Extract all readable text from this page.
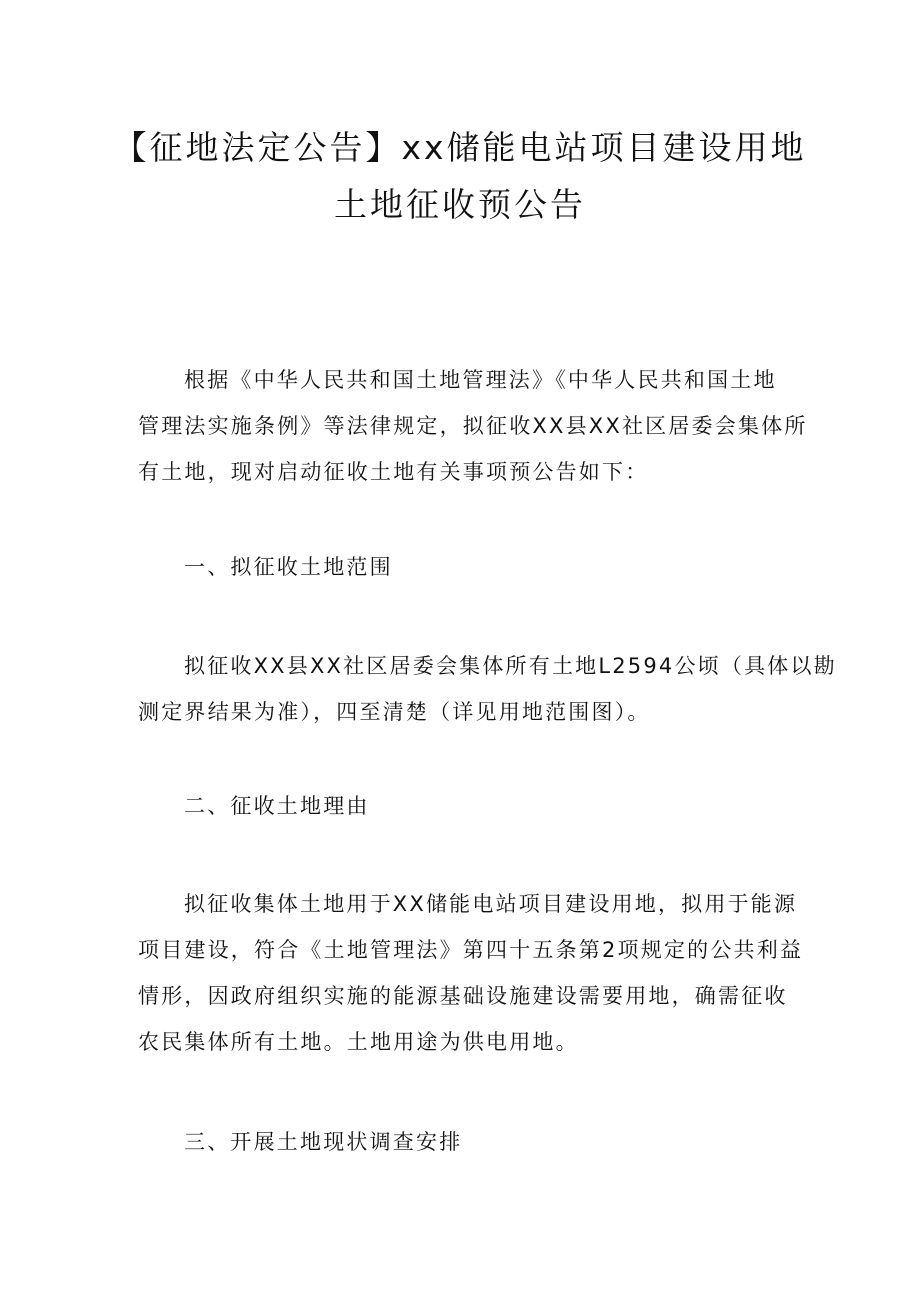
【征地法定公告】xx储能电站项目建设用地
土地征收预公告
根据《中华人民共和国土地管理法》《中华人民共和国土地
管理法实施条例》等法律规定，拟征收XX县XX社区居委会集体所
有土地，现对启动征收土地有关事项预公告如下：
一、拟征收土地范围
拟征收XX县XX社区居委会集体所有土地L2594公顷（具体以勘
测定界结果为准），四至清楚（详见用地范围图）。
二、征收土地理由
拟征收集体土地用于XX储能电站项目建设用地，拟用于能源
项目建设，符合《土地管理法》第四十五条第2项规定的公共利益
情形，因政府组织实施的能源基础设施建设需要用地，确需征收
农民集体所有土地。土地用途为供电用地。
三、开展土地现状调查安排
